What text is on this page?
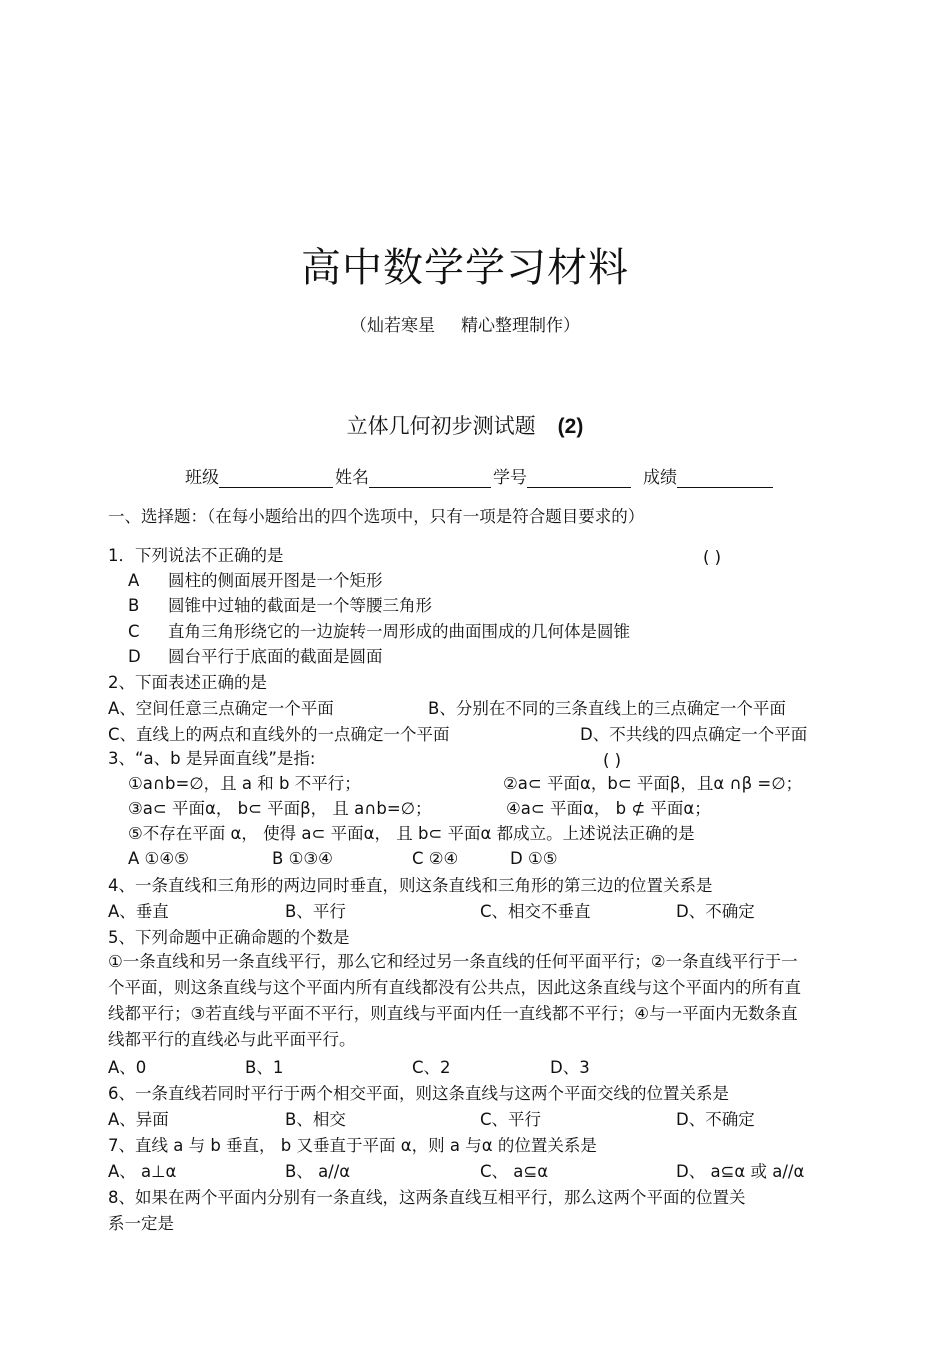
高中数学学习材料
（灿若寒星 精心整理制作）
立体几何初步测试题 (2)
班级	姓名	学号	成绩
一、选择题：（在每小题给出的四个选项中，只有一项是符合题目要求的）
1．下列说法不正确的是	( )
A 圆柱的侧面展开图是一个矩形
B 圆锥中过轴的截面是一个等腰三角形
C 直角三角形绕它的一边旋转一周形成的曲面围成的几何体是圆锥
D 圆台平行于底面的截面是圆面
2、下面表述正确的是
A、空间任意三点确定一个平面	B、分别在不同的三条直线上的三点确定一个平面
C、直线上的两点和直线外的一点确定一个平面	D、不共线的四点确定一个平面
3、“a、b 是异面直线”是指:	( )
①a∩b=∅，且 a 和 b 不平行；	②a⊂ 平面α，b⊂ 平面β，且α ∩β =∅；
③a⊂ 平面α， b⊂ 平面β， 且 a∩b=∅；	④a⊂ 平面α， b ⊄ 平面α；
⑤不存在平面 α， 使得 a⊂ 平面α， 且 b⊂ 平面α 都成立。上述说法正确的是
A ①④⑤	B ①③④	C ②④	D ①⑤
4、一条直线和三角形的两边同时垂直，则这条直线和三角形的第三边的位置关系是
A、垂直	B、平行	C、相交不垂直	D、不确定
5、下列命题中正确命题的个数是
①一条直线和另一条直线平行，那么它和经过另一条直线的任何平面平行；②一条直线平行于一个平面，则这条直线与这个平面内所有直线都没有公共点，因此这条直线与这个平面内的所有直线都平行；③若直线与平面不平行，则直线与平面内任一直线都不平行；④与一平面内无数条直线都平行的直线必与此平面平行。
A、0	B、1	C、2	D、3
6、一条直线若同时平行于两个相交平面，则这条直线与这两个平面交线的位置关系是
A、异面	B、相交	C、平行	D、不确定
7、直线 a 与 b 垂直， b 又垂直于平面 α，则 a 与α 的位置关系是
A、 a⊥α	B、 a//α	C、 a⊆α	D、 a⊆α 或 a//α
8、如果在两个平面内分别有一条直线，这两条直线互相平行，那么这两个平面的位置关
系一定是
